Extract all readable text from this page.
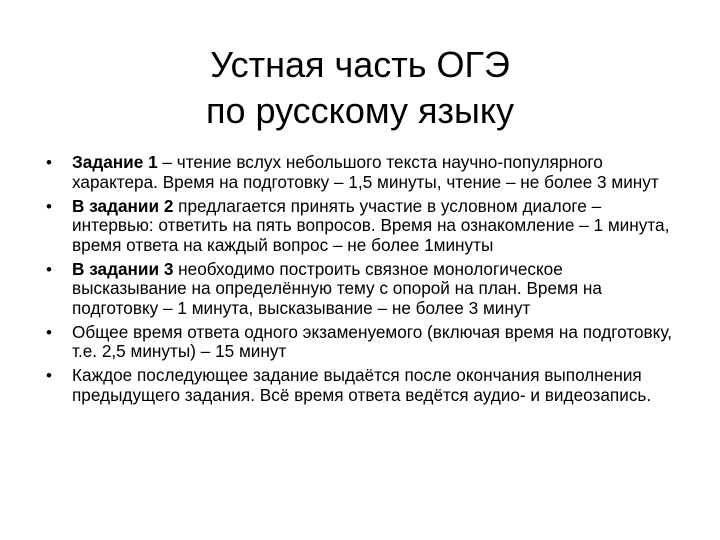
Устная часть ОГЭ
по русскому языку
• Задание 1 – чтение вслух небольшого текста научно-популярного характера. Время на подготовку – 1,5 минуты, чтение – не более 3 минут
• В задании 2 предлагается принять участие в условном диалоге – интервью: ответить на пять вопросов. Время на ознакомление – 1 минута, время ответа на каждый вопрос – не более 1минуты
• В задании 3 необходимо построить связное монологическое высказывание на определённую тему с опорой на план. Время на подготовку – 1 минута, высказывание – не более 3 минут
• Общее время ответа одного экзаменуемого (включая время на подготовку, т.е. 2,5 минуты) – 15 минут
• Каждое последующее задание выдаётся после окончания выполнения предыдущего задания. Всё время ответа ведётся аудио- и видеозапись.
